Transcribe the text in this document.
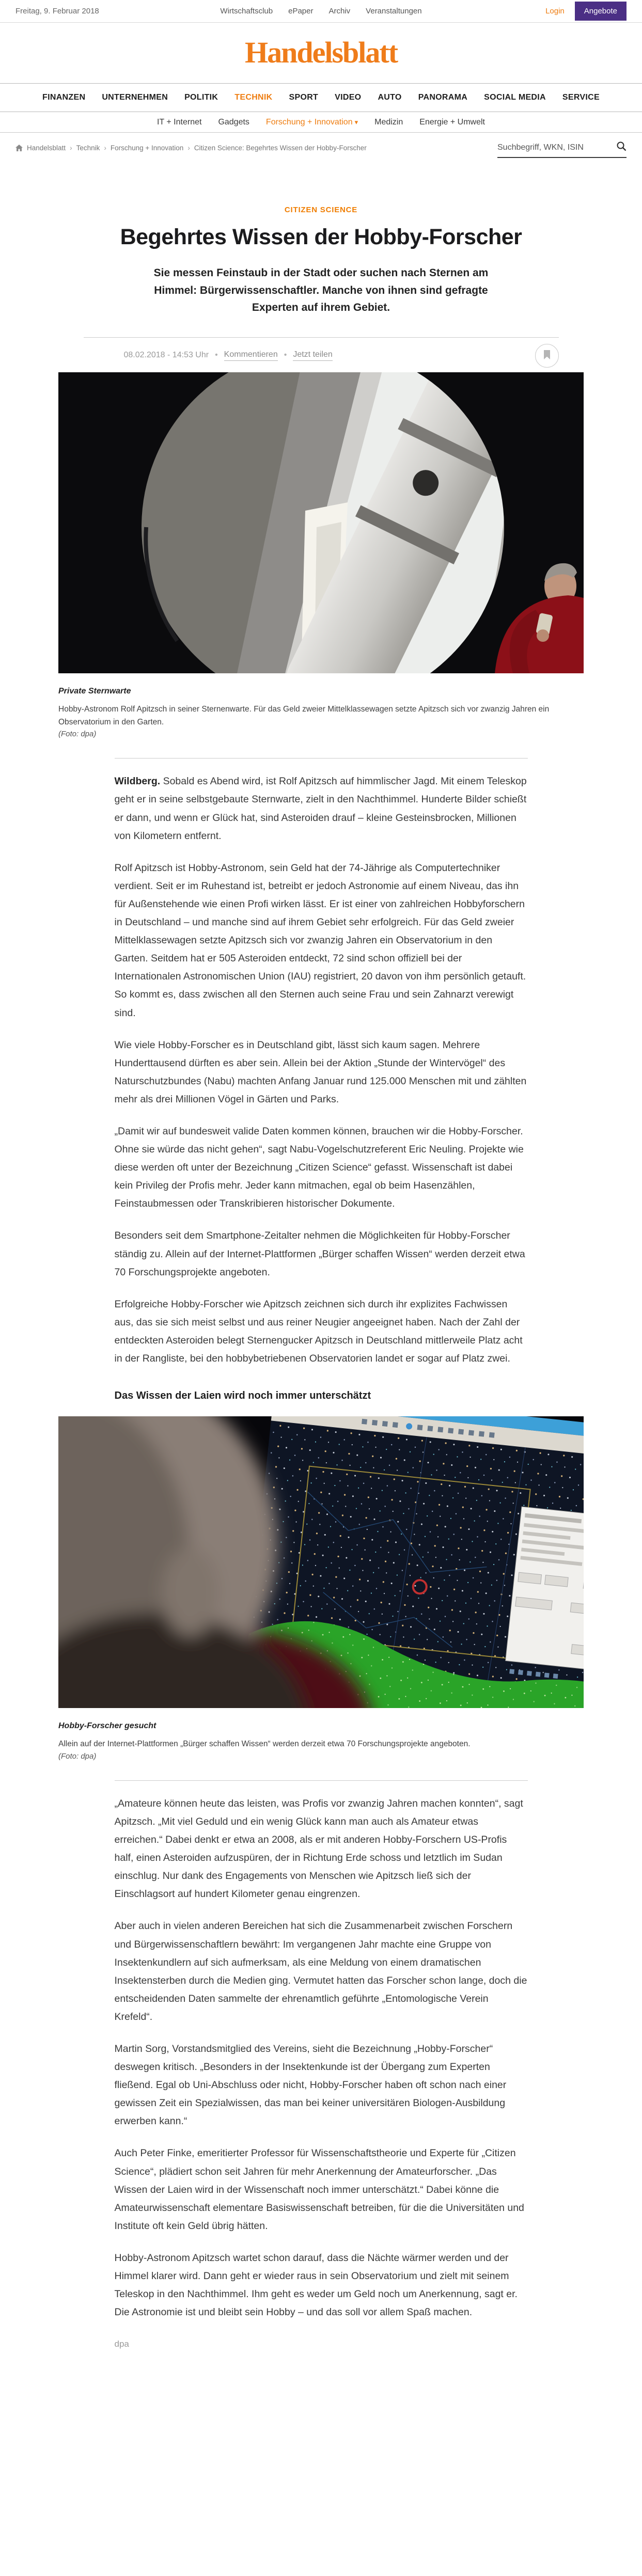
Freitag, 9. Februar 2018	Wirtschaftsclub ePaper Archiv Veranstaltungen	Login	Angebote
Handelsblatt
FINANZEN UNTERNEHMEN POLITIK TECHNIK SPORT VIDEO AUTO PANORAMA SOCIAL MEDIA SERVICE
IT + Internet Gadgets Forschung + Innovation ▾ Medizin Energie + Umwelt
Handelsblatt › Technik › Forschung + Innovation › Citizen Science: Begehrtes Wissen der Hobby-Forscher
Suchbegriff, WKN, ISIN
CITIZEN SCIENCE
Begehrtes Wissen der Hobby-Forscher

Sie messen Feinstaub in der Stadt oder suchen nach Sternen am Himmel: Bürgerwissenschaftler. Manche von ihnen sind gefragte Experten auf ihrem Gebiet.

08.02.2018 - 14:53 Uhr • Kommentieren • Jetzt teilen
Private Sternwarte
Hobby-Astronom Rolf Apitzsch in seiner Sternenwarte. Für das Geld zweier Mittelklassewagen setzte Apitzsch sich vor zwanzig Jahren ein Observatorium in den Garten.
(Foto: dpa)

Wildberg. Sobald es Abend wird, ist Rolf Apitzsch auf himmlischer Jagd. Mit einem Teleskop geht er in seine selbstgebaute Sternwarte, zielt in den Nachthimmel. Hunderte Bilder schießt er dann, und wenn er Glück hat, sind Asteroiden drauf – kleine Gesteinsbrocken, Millionen von Kilometern entfernt.

Rolf Apitzsch ist Hobby-Astronom, sein Geld hat der 74-Jährige als Computertechniker verdient. Seit er im Ruhestand ist, betreibt er jedoch Astronomie auf einem Niveau, das ihn für Außenstehende wie einen Profi wirken lässt. Er ist einer von zahlreichen Hobbyforschern in Deutschland – und manche sind auf ihrem Gebiet sehr erfolgreich. Für das Geld zweier Mittelklassewagen setzte Apitzsch sich vor zwanzig Jahren ein Observatorium in den Garten. Seitdem hat er 505 Asteroiden entdeckt, 72 sind schon offiziell bei der Internationalen Astronomischen Union (IAU) registriert, 20 davon von ihm persönlich getauft. So kommt es, dass zwischen all den Sternen auch seine Frau und sein Zahnarzt verewigt sind.

Wie viele Hobby-Forscher es in Deutschland gibt, lässt sich kaum sagen. Mehrere Hunderttausend dürften es aber sein. Allein bei der Aktion „Stunde der Wintervögel“ des Naturschutzbundes (Nabu) machten Anfang Januar rund 125.000 Menschen mit und zählten mehr als drei Millionen Vögel in Gärten und Parks.

„Damit wir auf bundesweit valide Daten kommen können, brauchen wir die Hobby-Forscher. Ohne sie würde das nicht gehen“, sagt Nabu-Vogelschutzreferent Eric Neuling. Projekte wie diese werden oft unter der Bezeichnung „Citizen Science“ gefasst. Wissenschaft ist dabei kein Privileg der Profis mehr. Jeder kann mitmachen, egal ob beim Hasenzählen, Feinstaubmessen oder Transkribieren historischer Dokumente.

Besonders seit dem Smartphone-Zeitalter nehmen die Möglichkeiten für Hobby-Forscher ständig zu. Allein auf der Internet-Plattformen „Bürger schaffen Wissen“ werden derzeit etwa 70 Forschungsprojekte angeboten.

Erfolgreiche Hobby-Forscher wie Apitzsch zeichnen sich durch ihr explizites Fachwissen aus, das sie sich meist selbst und aus reiner Neugier angeeignet haben. Nach der Zahl der entdeckten Asteroiden belegt Sternengucker Apitzsch in Deutschland mittlerweile Platz acht in der Rangliste, bei den hobbybetriebenen Observatorien landet er sogar auf Platz zwei.

Das Wissen der Laien wird noch immer unterschätzt
Hobby-Forscher gesucht
Allein auf der Internet-Plattformen „Bürger schaffen Wissen“ werden derzeit etwa 70 Forschungsprojekte angeboten.
(Foto: dpa)

„Amateure können heute das leisten, was Profis vor zwanzig Jahren machen konnten“, sagt Apitzsch. „Mit viel Geduld und ein wenig Glück kann man auch als Amateur etwas erreichen.“ Dabei denkt er etwa an 2008, als er mit anderen Hobby-Forschern US-Profis half, einen Asteroiden aufzuspüren, der in Richtung Erde schoss und letztlich im Sudan einschlug. Nur dank des Engagements von Menschen wie Apitzsch ließ sich der Einschlagsort auf hundert Kilometer genau eingrenzen.

Aber auch in vielen anderen Bereichen hat sich die Zusammenarbeit zwischen Forschern und Bürgerwissenschaftlern bewährt: Im vergangenen Jahr machte eine Gruppe von Insektenkundlern auf sich aufmerksam, als eine Meldung von einem dramatischen Insektensterben durch die Medien ging. Vermutet hatten das Forscher schon lange, doch die entscheidenden Daten sammelte der ehrenamtlich geführte „Entomologische Verein Krefeld“.

Martin Sorg, Vorstandsmitglied des Vereins, sieht die Bezeichnung „Hobby-Forscher“ deswegen kritisch. „Besonders in der Insektenkunde ist der Übergang zum Experten fließend. Egal ob Uni-Abschluss oder nicht, Hobby-Forscher haben oft schon nach einer gewissen Zeit ein Spezialwissen, das man bei keiner universitären Biologen-Ausbildung erwerben kann.“

Auch Peter Finke, emeritierter Professor für Wissenschaftstheorie und Experte für „Citizen Science“, plädiert schon seit Jahren für mehr Anerkennung der Amateurforscher. „Das Wissen der Laien wird in der Wissenschaft noch immer unterschätzt.“ Dabei könne die Amateurwissenschaft elementare Basiswissenschaft betreiben, für die die Universitäten und Institute oft kein Geld übrig hätten.

Hobby-Astronom Apitzsch wartet schon darauf, dass die Nächte wärmer werden und der Himmel klarer wird. Dann geht er wieder raus in sein Observatorium und zielt mit seinem Teleskop in den Nachthimmel. Ihm geht es weder um Geld noch um Anerkennung, sagt er. Die Astronomie ist und bleibt sein Hobby – und das soll vor allem Spaß machen.

dpa
